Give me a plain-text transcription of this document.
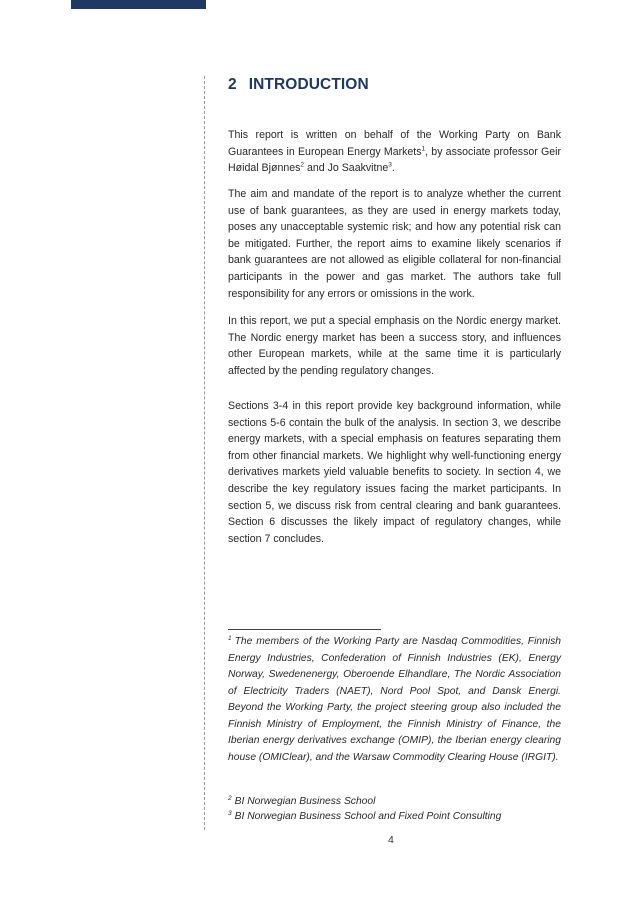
2 INTRODUCTION

This report is written on behalf of the Working Party on Bank Guarantees in European Energy Markets$^1$, by associate professor Geir Høidal Bjønnes$^2$ and Jo Saakvitne$^3$.

The aim and mandate of the report is to analyze whether the current use of bank guarantees, as they are used in energy markets today, poses any unacceptable systemic risk; and how any potential risk can be mitigated. Further, the report aims to examine likely scenarios if bank guarantees are not allowed as eligible collateral for non-financial participants in the power and gas market. The authors take full responsibility for any errors or omissions in the work.

In this report, we put a special emphasis on the Nordic energy market. The Nordic energy market has been a success story, and influences other European markets, while at the same time it is particularly affected by the pending regulatory changes.

Sections 3-4 in this report provide key background information, while sections 5-6 contain the bulk of the analysis. In section 3, we describe energy markets, with a special emphasis on features separating them from other financial markets. We highlight why well-functioning energy derivatives markets yield valuable benefits to society. In section 4, we describe the key regulatory issues facing the market participants. In section 5, we discuss risk from central clearing and bank guarantees. Section 6 discusses the likely impact of regulatory changes, while section 7 concludes.

$^1$ The members of the Working Party are Nasdaq Commodities, Finnish Energy Industries, Confederation of Finnish Industries (EK), Energy Norway, Swedenenergy, Oberoende Elhandlare, The Nordic Association of Electricity Traders (NAET), Nord Pool Spot, and Dansk Energi. Beyond the Working Party, the project steering group also included the Finnish Ministry of Employment, the Finnish Ministry of Finance, the Iberian energy derivatives exchange (OMIP), the Iberian energy clearing house (OMIClear), and the Warsaw Commodity Clearing House (IRGIT).

$^2$ BI Norwegian Business School

$^3$ BI Norwegian Business School and Fixed Point Consulting

4
